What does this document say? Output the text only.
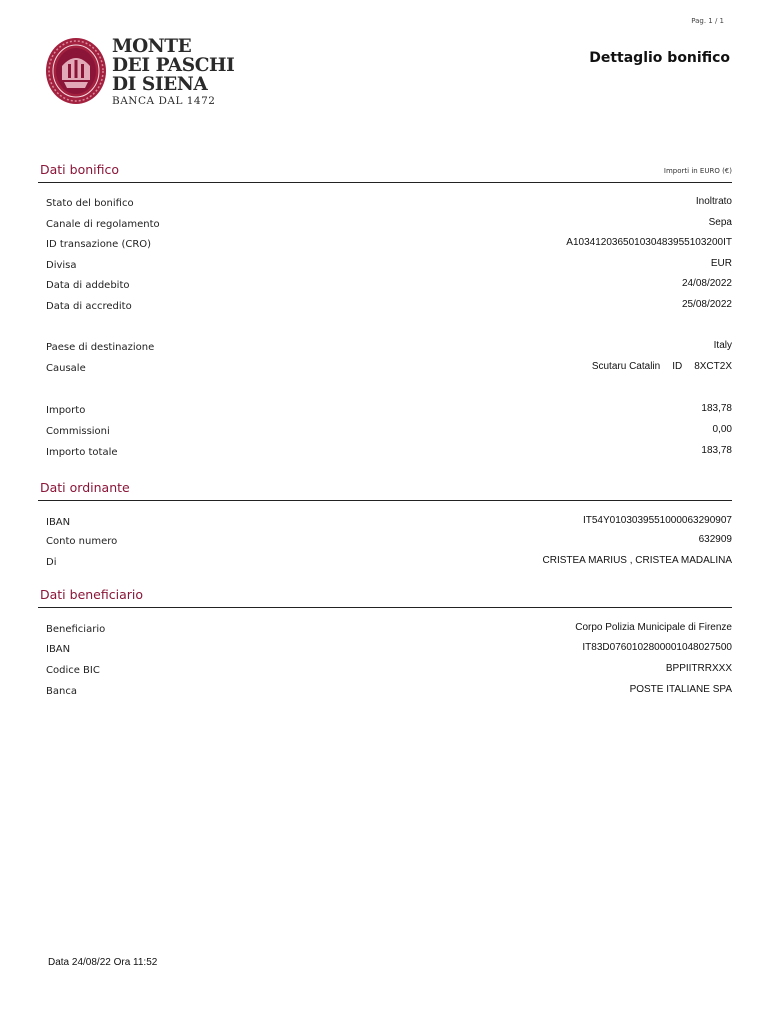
Pag. 1 / 1
Dettaglio bonifico
MONTE
DEI PASCHI
DI SIENA
BANCA DAL 1472
Dati bonifico	Importi in EURO (€)
Stato del bonifico	Inoltrato
Canale di regolamento	Sepa
ID transazione (CRO)	A103412036501030483955103200IT
Divisa	EUR
Data di addebito	24/08/2022
Data di accredito	25/08/2022
Paese di destinazione	Italy
Causale	Scutaru Catalin ID 8XCT2X
Importo	183,78
Commissioni	0,00
Importo totale	183,78
Dati ordinante
IBAN	IT54Y0103039551000063290907
Conto numero	632909
Di	CRISTEA MARIUS , CRISTEA MADALINA
Dati beneficiario
Beneficiario	Corpo Polizia Municipale di Firenze
IBAN	IT83D0760102800001048027500
Codice BIC	BPPIITRRXXX
Banca	POSTE ITALIANE SPA
Data 24/08/22 Ora 11:52
